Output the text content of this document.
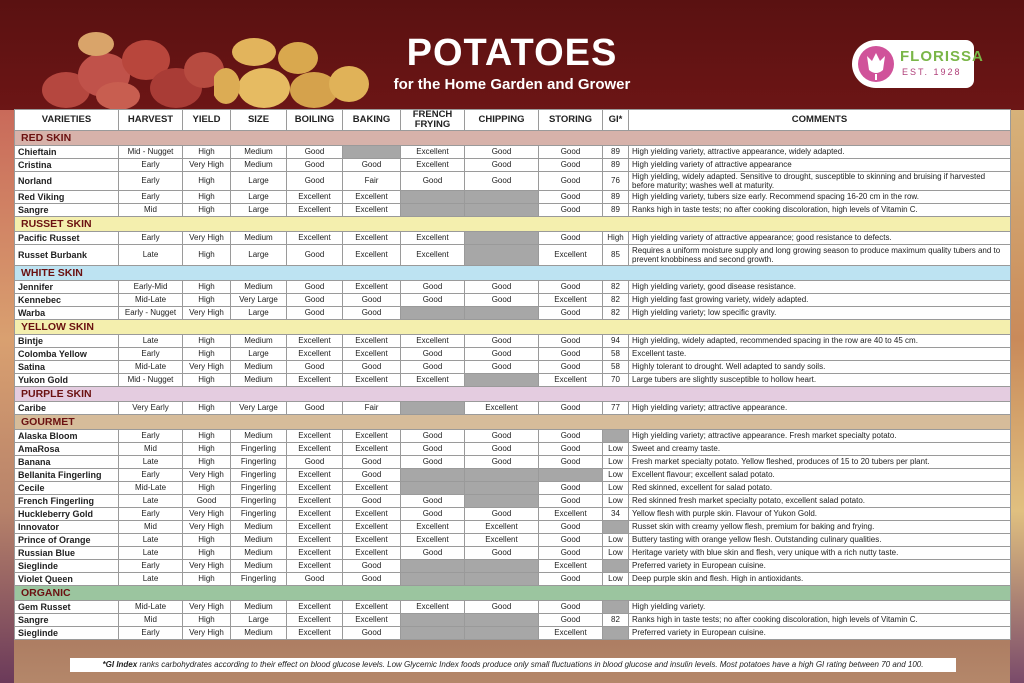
POTATOES
for the Home Garden and Grower
FLORISSA
EST. 1928
VARIETIES	HARVEST	YIELD	SIZE	BOILING	BAKING	FRENCH FRYING	CHIPPING	STORING	GI*	COMMENTS
RED SKIN										
Chieftain	Mid - Nugget	High	Medium	Good		Excellent	Good	Good	89	High yielding variety, attractive appearance, widely adapted.
Cristina	Early	Very High	Medium	Good	Good	Excellent	Good	Good	89	High yielding variety of attractive appearance
Norland	Early	High	Large	Good	Fair	Good	Good	Good	76	High yielding, widely adapted. Sensitive to drought, susceptible to skinning and bruising if harvested before maturity; washes well at maturity.
Red Viking	Early	High	Large	Excellent	Excellent			Good	89	High yielding variety, tubers size early. Recommend spacing 16-20 cm in the row.
Sangre	Mid	High	Large	Excellent	Excellent			Good	89	Ranks high in taste tests; no after cooking discoloration, high levels of Vitamin C.
RUSSET SKIN										
Pacific Russet	Early	Very High	Medium	Excellent	Excellent	Excellent		Good	High	High yielding variety of attractive appearance; good resistance to defects.
Russet Burbank	Late	High	Large	Good	Excellent	Excellent		Excellent	85	Requires a uniform moisture supply and long growing season to produce maximum quality tubers and to prevent knobbiness and second growth.
WHITE SKIN										
Jennifer	Early-Mid	High	Medium	Good	Excellent	Good	Good	Good	82	High yielding variety, good disease resistance.
Kennebec	Mid-Late	High	Very Large	Good	Good	Good	Good	Excellent	82	High yielding fast growing variety, widely adapted.
Warba	Early - Nugget	Very High	Large	Good	Good			Good	82	High yielding variety; low specific gravity.
YELLOW SKIN										
Bintje	Late	High	Medium	Excellent	Excellent	Excellent	Good	Good	94	High yielding, widely adapted, recommended spacing in the row are 40 to 45 cm.
Colomba Yellow	Early	High	Large	Excellent	Excellent	Good	Good	Good	58	Excellent taste.
Satina	Mid-Late	Very High	Medium	Good	Good	Good	Good	Good	58	Highly tolerant to drought. Well adapted to sandy soils.
Yukon Gold	Mid - Nugget	High	Medium	Excellent	Excellent	Excellent		Excellent	70	Large tubers are slightly susceptible to hollow heart.
PURPLE SKIN										
Caribe	Very Early	High	Very Large	Good	Fair		Excellent	Good	77	High yielding variety; attractive appearance.
GOURMET										
Alaska Bloom	Early	High	Medium	Excellent	Excellent	Good	Good	Good		High yielding variety; attractive appearance. Fresh market specialty potato.
AmaRosa	Mid	High	Fingerling	Excellent	Excellent	Good	Good	Good	Low	Sweet and creamy taste.
Banana	Late	High	Fingerling	Good	Good	Good	Good	Good	Low	Fresh market specialty potato. Yellow fleshed, produces of 15 to 20 tubers per plant.
Bellanita Fingerling	Early	Very High	Fingerling	Excellent	Good				Low	Excellent flavour; excellent salad potato.
Cecile	Mid-Late	High	Fingerling	Excellent	Excellent			Good	Low	Red skinned, excellent for salad potato.
French Fingerling	Late	Good	Fingerling	Excellent	Good	Good		Good	Low	Red skinned fresh market specialty potato, excellent salad potato.
Huckleberry Gold	Early	Very High	Fingerling	Excellent	Excellent	Good	Good	Excellent	34	Yellow flesh with purple skin. Flavour of Yukon Gold.
Innovator	Mid	Very High	Medium	Excellent	Excellent	Excellent	Excellent	Good		Russet skin with creamy yellow flesh, premium for baking and frying.
Prince of Orange	Late	High	Medium	Excellent	Excellent	Excellent	Excellent	Good	Low	Buttery tasting with orange yellow flesh. Outstanding culinary qualities.
Russian Blue	Late	High	Medium	Excellent	Excellent	Good	Good	Good	Low	Heritage variety with blue skin and flesh, very unique with a rich nutty taste.
Sieglinde	Early	Very High	Medium	Excellent	Good			Excellent		Preferred variety in European cuisine.
Violet Queen	Late	High	Fingerling	Good	Good			Good	Low	Deep purple skin and flesh. High in antioxidants.
ORGANIC										
Gem Russet	Mid-Late	Very High	Medium	Excellent	Excellent	Excellent	Good	Good		High yielding variety.
Sangre	Mid	High	Large	Excellent	Excellent			Good	82	Ranks high in taste tests; no after cooking discoloration, high levels of Vitamin C.
Sieglinde	Early	Very High	Medium	Excellent	Good			Excellent		Preferred variety in European cuisine.
*GI Index ranks carbohydrates according to their effect on blood glucose levels. Low Glycemic Index foods produce only small fluctuations in blood glucose and insulin levels. Most potatoes have a high GI rating between 70 and 100.
